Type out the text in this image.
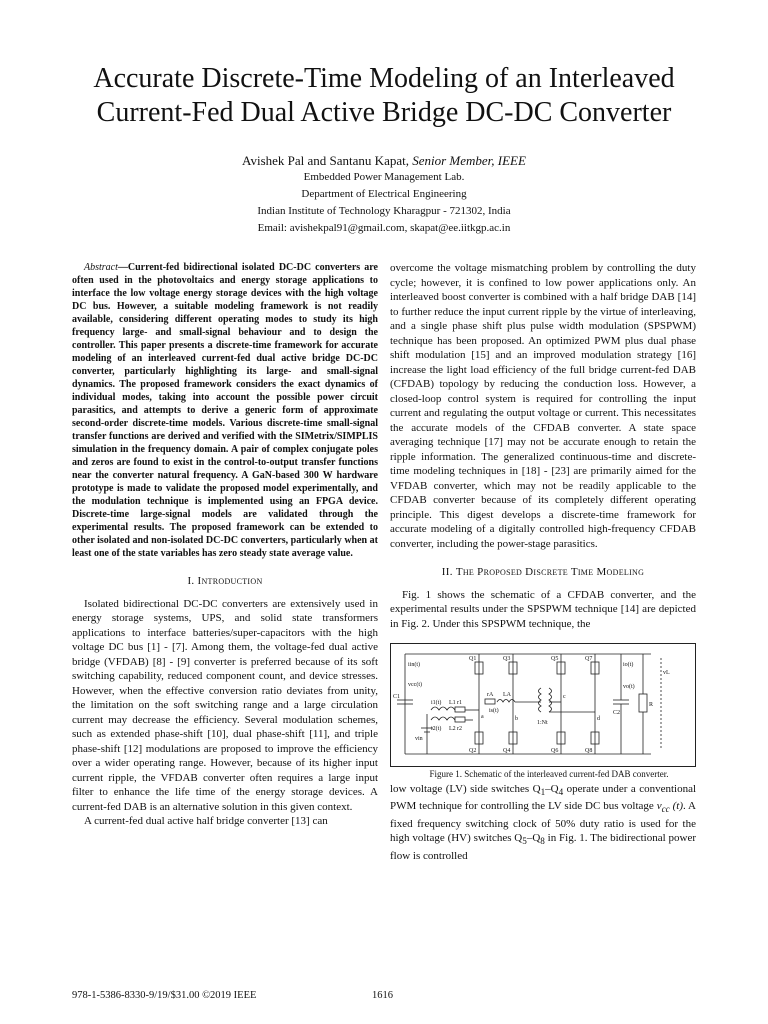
Accurate Discrete-Time Modeling of an Interleaved
Current-Fed Dual Active Bridge DC-DC Converter
Avishek Pal and Santanu Kapat, Senior Member, IEEE
Embedded Power Management Lab.
Department of Electrical Engineering
Indian Institute of Technology Kharagpur - 721302, India
Email: avishekpal91@gmail.com, skapat@ee.iitkgp.ac.in

Abstract—Current-fed bidirectional isolated DC-DC converters are often used in the photovoltaics and energy storage applications to interface the low voltage energy storage devices with the high voltage DC bus. However, a suitable modeling framework is not readily available, considering different operating modes to study its high frequency large- and small-signal behaviour and to design the controller. This paper presents a discrete-time framework for accurate modeling of an interleaved current-fed dual active bridge DC-DC converter, particularly highlighting its large- and small-signal dynamics. The proposed framework considers the exact dynamics of individual modes, taking into account the possible power circuit parasitics, and attempts to derive a generic form of approximate second-order discrete-time models. Various discrete-time small-signal transfer functions are derived and verified with the SIMetrix/SIMPLIS simulation in the frequency domain. A pair of complex conjugate poles and zeros are found to exist in the control-to-output transfer functions near the converter natural frequency. A GaN-based 300 W hardware prototype is made to validate the proposed model experimentally, and the modulation technique is implemented using an FPGA device. Discrete-time large-signal models are validated through the experimental results. The proposed framework can be extended to other isolated and non-isolated DC-DC converters, particularly when at least one of the state variables has zero steady state average value.

I. Introduction

Isolated bidirectional DC-DC converters are extensively used in energy storage systems, UPS, and solid state transformers applications to interface batteries/super-capacitors with the high voltage DC bus [1] - [7]. Among them, the voltage-fed dual active bridge (VFDAB) [8] - [9] converter is preferred because of its soft switching capability, reduced component count, and device stresses. However, when the effective conversion ratio deviates from unity, the limitation on the soft switching range and a large circulation current may decrease the efficiency. Several modulation schemes, such as extended phase-shift [10], dual phase-shift [11], and triple phase-shift [12] modulations are proposed to improve the efficiency over a wider operating range. However, because of its higher input current ripple, the VFDAB converter often requires a large input filter to enhance the life time of the energy storage devices. A current-fed DAB is an alternative solution in this given context.

A current-fed dual active half bridge converter [13] can

overcome the voltage mismatching problem by controlling the duty cycle; however, it is confined to low power applications only. An interleaved boost converter is combined with a half bridge DAB [14] to further reduce the input current ripple by the virtue of interleaving, and a single phase shift plus pulse width modulation (SPSPWM) technique has been proposed. An optimized PWM plus dual phase shift modulation [15] and an improved modulation strategy [16] increase the light load efficiency of the full bridge current-fed DAB (CFDAB) topology by reducing the conduction loss. However, a closed-loop control system is required for controlling the input current and regulating the output voltage or current. This necessitates the accurate models of the CFDAB converter. A state space averaging technique [17] may not be accurate enough to retain the ripple information. The generalized continuous-time and discrete-time modeling techniques in [18] - [23] are primarily aimed for the VFDAB converter, which may not be readily applicable to the CFDAB converter because of its completely different operating principle. This digest develops a discrete-time framework for accurate modeling of a digitally controlled high-frequency CFDAB converter, including the power-stage parasitics.

II. The Proposed Discrete Time Modeling

Fig. 1 shows the schematic of a CFDAB converter, and the experimental results under the SPSPWM technique [14] are depicted in Fig. 2. Under this SPSPWM technique, the

Q1
Q2
Q3
Q4
Q5
Q6
Q7
Q8
iin(t)
vcc(t)
C1
vin
i1(t)
i2(t)
L1
L2
r1
r2
rA LA
is(t)
a	b
c
d
1:Nt
io(t)
vo(t)
C2
R
vL

Figure 1. Schematic of the interleaved current-fed DAB converter.

low voltage (LV) side switches $Q_1-Q_4$ operate under a conventional PWM technique for controlling the LV side DC bus voltage $v_{cc}$ (t). A fixed frequency switching clock of 50% duty ratio is used for the high voltage (HV) switches $Q_5-Q_8$ in Fig. 1. The bidirectional power flow is controlled

978-1-5386-8330-9/19/$31.00 ©2019 IEEE	1616
